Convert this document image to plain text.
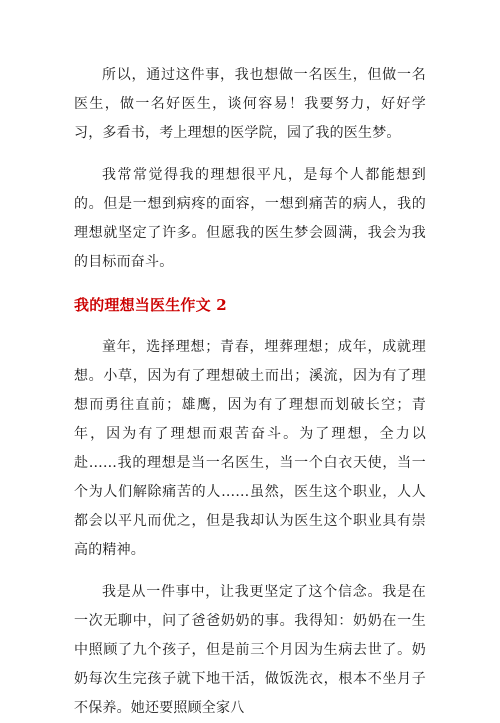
所以，通过这件事，我也想做一名医生，但做一名医生，做一名好医生，谈何容易！我要努力，好好学习，多看书，考上理想的医学院，园了我的医生梦。

我常常觉得我的理想很平凡，是每个人都能想到的。但是一想到病疼的面容，一想到痛苦的病人，我的理想就坚定了许多。但愿我的医生梦会圆满，我会为我的目标而奋斗。

我的理想当医生作文 2

童年，选择理想；青春，埋葬理想；成年，成就理想。小草，因为有了理想破土而出；溪流，因为有了理想而勇往直前；雄鹰，因为有了理想而划破长空；青年，因为有了理想而艰苦奋斗。为了理想，全力以赴……我的理想是当一名医生，当一个白衣天使，当一个为人们解除痛苦的人……虽然，医生这个职业，人人都会以平凡而优之，但是我却认为医生这个职业具有崇高的精神。

我是从一件事中，让我更坚定了这个信念。我是在一次无聊中，问了爸爸奶奶的事。我得知：奶奶在一生中照顾了九个孩子，但是前三个月因为生病去世了。奶奶每次生完孩子就下地干活，做饭洗衣，根本不坐月子不保养。她还要照顾全家八
